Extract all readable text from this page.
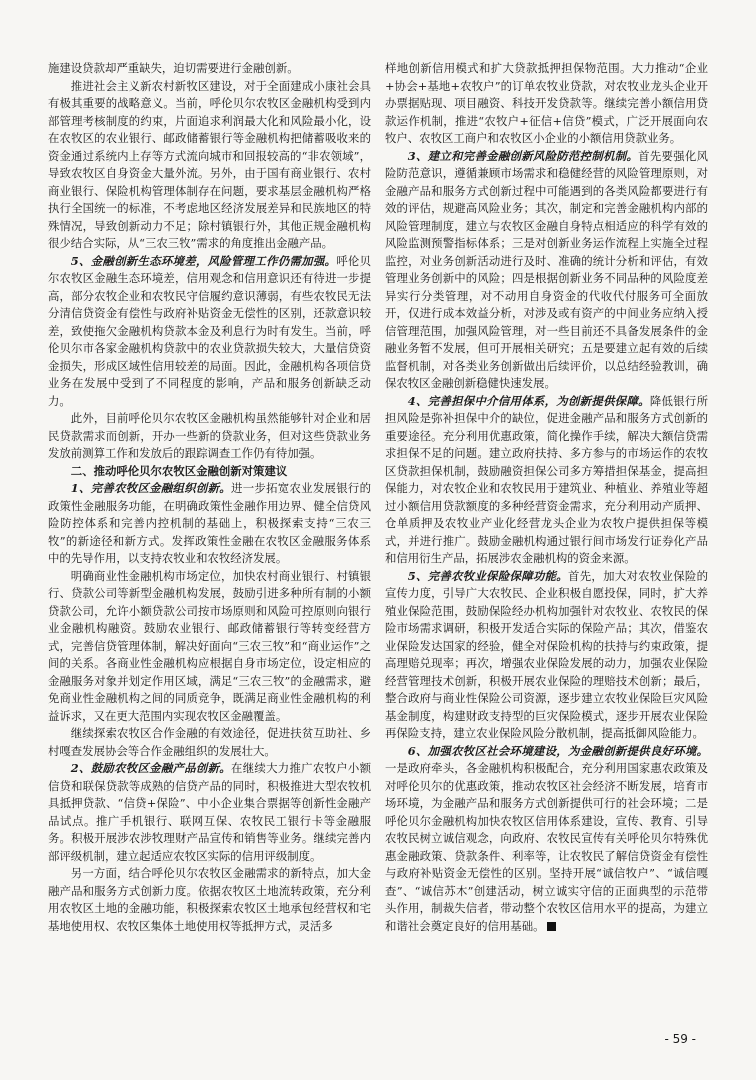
施建设贷款却严重缺失，迫切需要进行金融创新。

推进社会主义新农村新牧区建设，对于全面建成小康社会具有极其重要的战略意义。当前，呼伦贝尔农牧区金融机构受到内部管理考核制度的约束，片面追求利润最大化和风险最小化，设在农牧区的农业银行、邮政储蓄银行等金融机构把储蓄吸收来的资金通过系统内上存等方式流向城市和回报较高的“非农领域”，导致农牧区自身资金大量外流。另外，由于国有商业银行、农村商业银行、保险机构管理体制存在问题，要求基层金融机构严格执行全国统一的标准，不考虑地区经济发展差异和民族地区的特殊情况，导致创新动力不足；除村镇银行外，其他正规金融机构很少结合实际，从“三农三牧”需求的角度推出金融产品。

5、金融创新生态环境差，风险管理工作仍需加强。呼伦贝尔农牧区金融生态环境差，信用观念和信用意识还有待进一步提高，部分农牧企业和农牧民守信履约意识薄弱，有些农牧民无法分清信贷资金有偿性与政府补贴资金无偿性的区别，还款意识较差，致使拖欠金融机构贷款本金及利息行为时有发生。当前，呼伦贝尔市各家金融机构贷款中的农业贷款损失较大，大量信贷资金损失，形成区域性信用较差的局面。因此，金融机构各项信贷业务在发展中受到了不同程度的影响，产品和服务创新缺乏动力。

此外，目前呼伦贝尔农牧区金融机构虽然能够针对企业和居民贷款需求而创新，开办一些新的贷款业务，但对这些贷款业务发放前测算工作和发放后的跟踪调查工作仍有待加强。

二、推动呼伦贝尔农牧区金融创新对策建议

1、完善农牧区金融组织创新。进一步拓宽农业发展银行的政策性金融服务功能，在明确政策性金融作用边界、健全信贷风险防控体系和完善内控机制的基础上，积极探索支持“三农三牧”的新途径和新方式。发挥政策性金融在农牧区金融服务体系中的先导作用，以支持农牧业和农牧经济发展。

明确商业性金融机构市场定位，加快农村商业银行、村镇银行、贷款公司等新型金融机构发展，鼓励引进多种所有制的小额贷款公司，允许小额贷款公司按市场原则和风险可控原则向银行业金融机构融资。鼓励农业银行、邮政储蓄银行等转变经营方式，完善信贷管理体制，解决好面向“三农三牧”和“商业运作”之间的关系。各商业性金融机构应根据自身市场定位，设定相应的金融服务对象并划定作用区域，满足“三农三牧”的金融需求，避免商业性金融机构之间的同质竞争，既满足商业性金融机构的利益诉求，又在更大范围内实现农牧区金融覆盖。

继续探索农牧区合作金融的有效途径，促进扶贫互助社、乡村嘎查发展协会等合作金融组织的发展壮大。

2、鼓励农牧区金融产品创新。在继续大力推广农牧户小额信贷和联保贷款等成熟的信贷产品的同时，积极推进大型农牧机具抵押贷款、“信贷+保险”、中小企业集合票据等创新性金融产品试点。推广手机银行、联网互保、农牧民工银行卡等金融服务。积极开展涉农涉牧理财产品宣传和销售等业务。继续完善内部评级机制，建立起适应农牧区实际的信用评级制度。

另一方面，结合呼伦贝尔农牧区金融需求的新特点，加大金融产品和服务方式创新力度。依据农牧区土地流转政策，充分利用农牧区土地的金融功能，积极探索农牧区土地承包经营权和宅基地使用权、农牧区集体土地使用权等抵押方式，灵活多

样地创新信用模式和扩大贷款抵押担保物范围。大力推动“企业+协会+基地+农牧户”的订单农牧业贷款，对农牧业龙头企业开办票据贴现、项目融资、科技开发贷款等。继续完善小额信用贷款运作机制，推进“农牧户+征信+信贷”模式，广泛开展面向农牧户、农牧区工商户和农牧区小企业的小额信用贷款业务。

3、建立和完善金融创新风险防范控制机制。首先要强化风险防范意识，遵循兼顾市场需求和稳健经营的风险管理原则，对金融产品和服务方式创新过程中可能遇到的各类风险都要进行有效的评估，规避高风险业务；其次，制定和完善金融机构内部的风险管理制度，建立与农牧区金融自身特点相适应的科学有效的风险监测预警指标体系；三是对创新业务运作流程上实施全过程监控，对业务创新活动进行及时、准确的统计分析和评估，有效管理业务创新中的风险；四是根据创新业务不同品种的风险度差异实行分类管理，对不动用自身资金的代收代付服务可全面放开，仅进行成本效益分析，对涉及或有资产的中间业务应纳入授信管理范围，加强风险管理，对一些目前还不具备发展条件的金融业务暂不发展，但可开展相关研究；五是要建立起有效的后续监督机制，对各类业务创新做出后续评价，以总结经验教训，确保农牧区金融创新稳健快速发展。

4、完善担保中介信用体系，为创新提供保障。降低银行所担风险是弥补担保中介的缺位，促进金融产品和服务方式创新的重要途径。充分利用优惠政策，简化操作手续，解决大额信贷需求担保不足的问题。建立政府扶持、多方参与的市场运作的农牧区贷款担保机制，鼓励融资担保公司多方筹措担保基金，提高担保能力，对农牧企业和农牧民用于建筑业、种植业、养殖业等超过小额信用贷款额度的多种经营资金需求，充分利用动产质押、仓单质押及农牧业产业化经营龙头企业为农牧户提供担保等模式，并进行推广。鼓励金融机构通过银行间市场发行证券化产品和信用衍生产品，拓展涉农金融机构的资金来源。

5、完善农牧业保险保障功能。首先，加大对农牧业保险的宣传力度，引导广大农牧民、企业积极自愿投保，同时，扩大养殖业保险范围，鼓励保险经办机构加强针对农牧业、农牧民的保险市场需求调研，积极开发适合实际的保险产品；其次，借鉴农业保险发达国家的经验，健全对保险机构的扶持与约束政策，提高理赔兑现率；再次，增强农业保险发展的动力，加强农业保险经营管理技术创新，积极开展农业保险的理赔技术创新；最后，整合政府与商业性保险公司资源，逐步建立农牧业保险巨灾风险基金制度，构建财政支持型的巨灾保险模式，逐步开展农业保险再保险支持，建立农业保险风险分散机制，提高抵御风险能力。

6、加强农牧区社会环境建设，为金融创新提供良好环境。一是政府牵头，各金融机构积极配合，充分利用国家惠农政策及对呼伦贝尔的优惠政策，推动农牧区社会经济不断发展，培育市场环境，为金融产品和服务方式创新提供可行的社会环境；二是呼伦贝尔金融机构加快农牧区信用体系建设，宣传、教育、引导农牧民树立诚信观念，向政府、农牧民宣传有关呼伦贝尔特殊优惠金融政策、贷款条件、利率等，让农牧民了解信贷资金有偿性与政府补贴资金无偿性的区别。坚持开展“诚信牧户”、“诚信嘎查”、“诚信苏木”创建活动，树立诚实守信的正面典型的示范带头作用，制裁失信者，带动整个农牧区信用水平的提高，为建立和谐社会奠定良好的信用基础。

- 59 -
